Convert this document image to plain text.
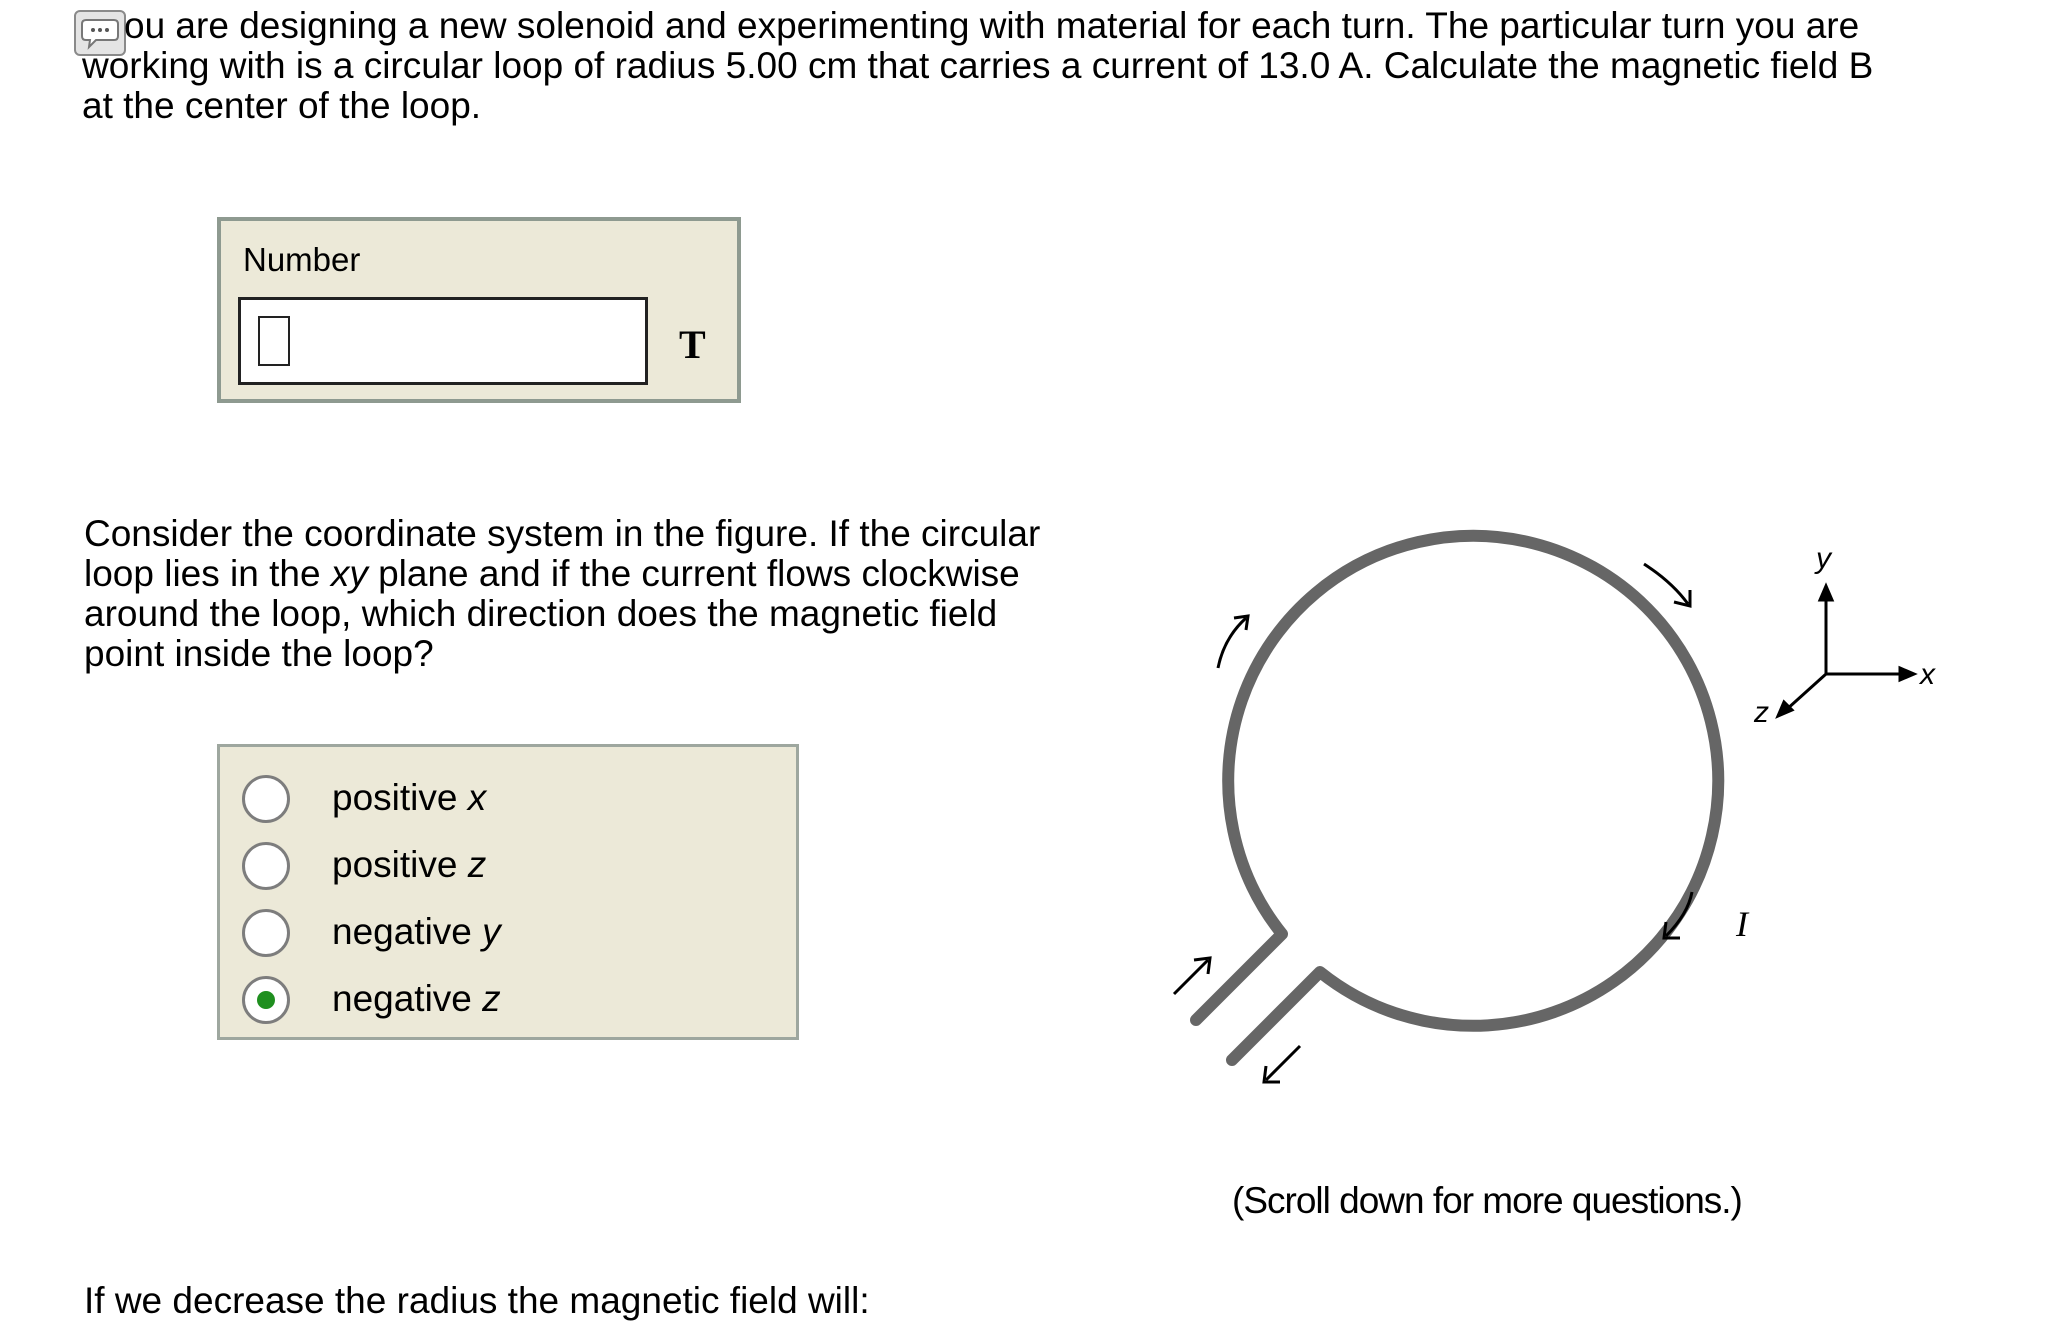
ou are designing a new solenoid and experimenting with material for each turn. The particular turn you are
working with is a circular loop of radius 5.00 cm that carries a current of 13.0 A. Calculate the magnetic field B
at the center of the loop.
Number
T
Consider the coordinate system in the figure. If the circular
loop lies in the xy plane and if the current flows clockwise
around the loop, which direction does the magnetic field
point inside the loop?
positive x
positive z
negative y
negative z
I
y
x
z
(Scroll down for more questions.)
If we decrease the radius the magnetic field will:
